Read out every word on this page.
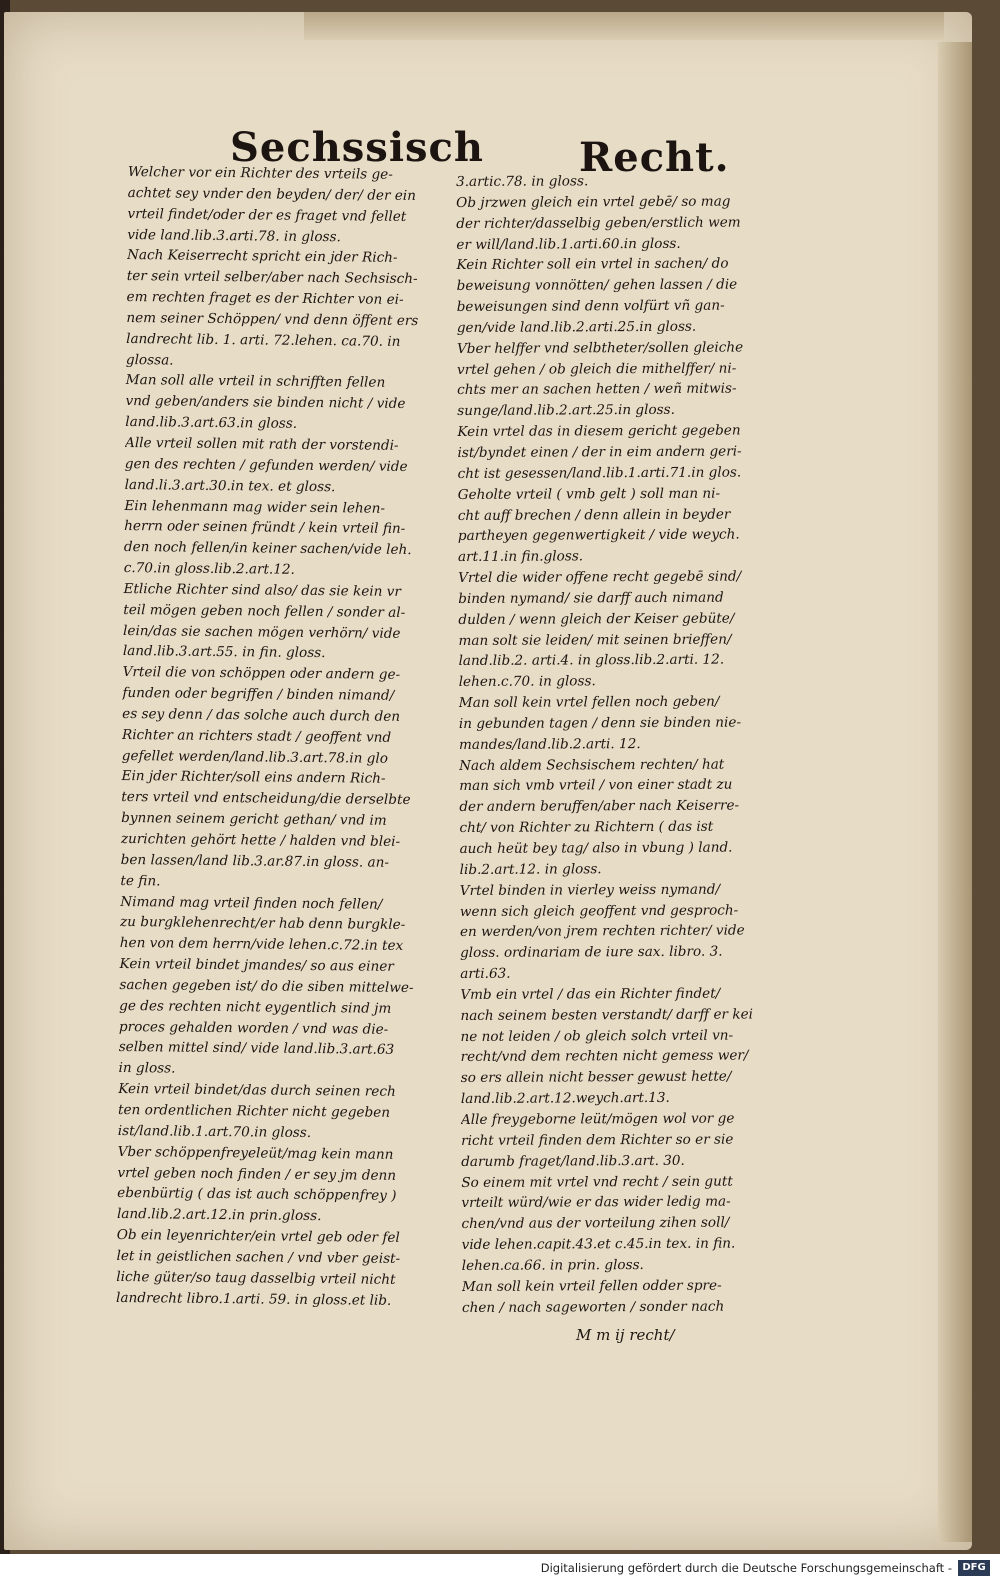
Sechssisch Recht.
Welcher vor ein Richter des vrteils ge-
achtet sey vnder den beyden/ der/ der ein
vrteil findet/oder der es fraget vnd fellet
vide land.lib.3.arti.78. in gloss.
Nach Keiserrecht spricht ein jder Rich-
ter sein vrteil selber/aber nach Sechsisch-
em rechten fraget es der Richter von ei-
nem seiner Schöppen/ vnd denn öffent ers
landrecht lib. 1. arti. 72.lehen. ca.70. in
glossa.
Man soll alle vrteil in schrifften fellen
vnd geben/anders sie binden nicht / vide
land.lib.3.art.63.in gloss.
Alle vrteil sollen mit rath der vorstendi-
gen des rechten / gefunden werden/ vide
land.li.3.art.30.in tex. et gloss.
Ein lehenmann mag wider sein lehen-
herrn oder seinen fründt / kein vrteil fin-
den noch fellen/in keiner sachen/vide leh.
c.70.in gloss.lib.2.art.12.
Etliche Richter sind also/ das sie kein vr
teil mögen geben noch fellen / sonder al-
lein/das sie sachen mögen verhörn/ vide
land.lib.3.art.55. in fin. gloss.
Vrteil die von schöppen oder andern ge-
funden oder begriffen / binden nimand/
es sey denn / das solche auch durch den
Richter an richters stadt / geoffent vnd
gefellet werden/land.lib.3.art.78.in glo
Ein jder Richter/soll eins andern Rich-
ters vrteil vnd entscheidung/die derselbte
bynnen seinem gericht gethan/ vnd im
zurichten gehört hette / halden vnd blei-
ben lassen/land lib.3.ar.87.in gloss. an-
te fin.
Nimand mag vrteil finden noch fellen/
zu burgklehenrecht/er hab denn burgkle-
hen von dem herrn/vide lehen.c.72.in tex
Kein vrteil bindet jmandes/ so aus einer
sachen gegeben ist/ do die siben mittelwe-
ge des rechten nicht eygentlich sind jm
proces gehalden worden / vnd was die-
selben mittel sind/ vide land.lib.3.art.63
in gloss.
Kein vrteil bindet/das durch seinen rech
ten ordentlichen Richter nicht gegeben
ist/land.lib.1.art.70.in gloss.
Vber schöppenfreyeleüt/mag kein mann
vrtel geben noch finden / er sey jm denn
ebenbürtig ( das ist auch schöppenfrey )
land.lib.2.art.12.in prin.gloss.
Ob ein leyenrichter/ein vrtel geb oder fel
let in geistlichen sachen / vnd vber geist-
liche güter/so taug dasselbig vrteil nicht
landrecht libro.1.arti. 59. in gloss.et lib.
3.artic.78. in gloss.
Ob jrzwen gleich ein vrtel gebē/ so mag
der richter/dasselbig geben/erstlich wem
er will/land.lib.1.arti.60.in gloss.
Kein Richter soll ein vrtel in sachen/ do
beweisung vonnötten/ gehen lassen / die
beweisungen sind denn volfürt vñ gan-
gen/vide land.lib.2.arti.25.in gloss.
Vber helffer vnd selbtheter/sollen gleiche
vrtel gehen / ob gleich die mithelffer/ ni-
chts mer an sachen hetten / weñ mitwis-
sunge/land.lib.2.art.25.in gloss.
Kein vrtel das in diesem gericht gegeben
ist/byndet einen / der in eim andern geri-
cht ist gesessen/land.lib.1.arti.71.in glos.
Geholte vrteil ( vmb gelt ) soll man ni-
cht auff brechen / denn allein in beyder
partheyen gegenwertigkeit / vide weych.
art.11.in fin.gloss.
Vrtel die wider offene recht gegebē sind/
binden nymand/ sie darff auch nimand
dulden / wenn gleich der Keiser gebüte/
man solt sie leiden/ mit seinen brieffen/
land.lib.2. arti.4. in gloss.lib.2.arti. 12.
lehen.c.70. in gloss.
Man soll kein vrtel fellen noch geben/
in gebunden tagen / denn sie binden nie-
mandes/land.lib.2.arti. 12.
Nach aldem Sechsischem rechten/ hat
man sich vmb vrteil / von einer stadt zu
der andern beruffen/aber nach Keiserre-
cht/ von Richter zu Richtern ( das ist
auch heüt bey tag/ also in vbung ) land.
lib.2.art.12. in gloss.
Vrtel binden in vierley weiss nymand/
wenn sich gleich geoffent vnd gesproch-
en werden/von jrem rechten richter/ vide
gloss. ordinariam de iure sax. libro. 3.
arti.63.
Vmb ein vrtel / das ein Richter findet/
nach seinem besten verstandt/ darff er kei
ne not leiden / ob gleich solch vrteil vn-
recht/vnd dem rechten nicht gemess wer/
so ers allein nicht besser gewust hette/
land.lib.2.art.12.weych.art.13.
Alle freygeborne leüt/mögen wol vor ge
richt vrteil finden dem Richter so er sie
darumb fraget/land.lib.3.art. 30.
So einem mit vrtel vnd recht / sein gutt
vrteilt würd/wie er das wider ledig ma-
chen/vnd aus der vorteilung zihen soll/
vide lehen.capit.43.et c.45.in tex. in fin.
lehen.ca.66. in prin. gloss.
Man soll kein vrteil fellen odder spre-
chen / nach sageworten / sonder nach
M m ij recht/
Digitalisierung gefördert durch die Deutsche Forschungsgemeinschaft -	DFG
